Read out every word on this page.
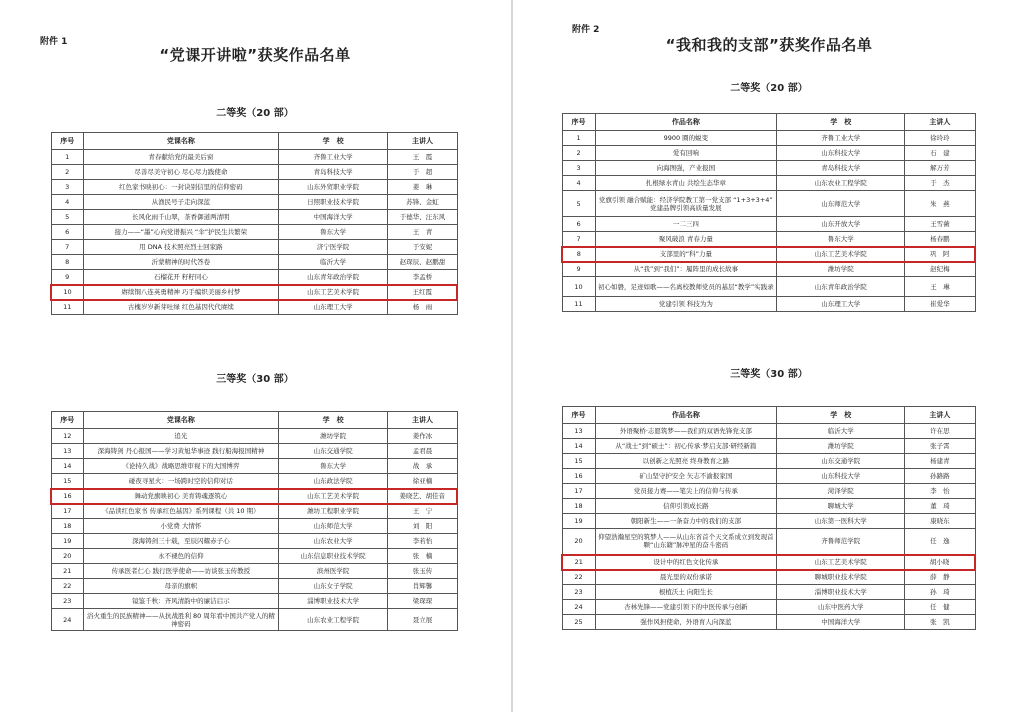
附件 1
“党课开讲啦”获奖作品名单
二等奖（20 部）
序号	党课名称	学　校	主讲人
1	青春献给党的最美后窗	齐鲁工业大学	王　霞
2	尽善尽美守初心 尽心尽力践使命	青岛科技大学	于　超
3	红色家书映初心：一封诀别信里的信仰密码	山东外贸职业学院	姜　琳
4	从渔民号子走向深蓝	日照职业技术学院	苏锋、金虹
5	长风化雨千山翠，茶香御道两清明	中国海洋大学	于德华、汪东风
6	接力——“墨”心向党谱振兴 “伞”护民生共繁荣	鲁东大学	王　青
7	用 DNA 技术照亮烈士回家路	济宁医学院	于安妮
8	沂蒙精神的时代答卷	临沂大学	赵琛辰、赵鹏甜
9	石榴花开 籽籽同心	山东青年政治学院	李孟桥
10	赓续铜八连英勇精神 巧手编织美丽乡村梦	山东工艺美术学院	王红霞
11	古槐岁岁新芽吐绿 红色基因代代赓续	山东理工大学	杨　雨
三等奖（30 部）
序号	党课名称	学　校	主讲人
12	追光	潍坊学院	姜作冰
13	深海铸剑 丹心报国——学习黄旭华事迹 践行船海报国精神	山东交通学院	孟君晨
14	《论持久战》战略思维审视下的大国博弈	鲁东大学	战　承
15	碰夜寻星火：一场跨时空的信仰对话	山东政法学院	徐亚楠
16	舞动党旗映初心 美育铸魂逐筑心	山东工艺美术学院	姜晓艺、胡佳音
17	《品读红色家书 传承红色基因》系列课程（共 10 期）	潍坊工程职业学院	王　宁
18	小党费 大情怀	山东师范大学	刘　阳
19	深海铸剑三十载，至辰闪耀赤子心	山东农业大学	李若怡
20	永不褪色的信仰	山东信息职业技术学院	张　楠
21	传承医者仁心 践行医学使命——访谈张玉传教授	滨州医学院	张玉传
22	母亲的旗帜	山东女子学院	肖辉馨
23	镜鉴千秋：齐风清韵中的廉洁启示	淄博职业技术大学	梁琛琛
24	浴火重生的民族精神——从抗战胜利 80 周年看中国共产党人的精神密码	山东农业工程学院	聂立展
附件 2
“我和我的支部”获奖作品名单
二等奖（20 部）
序号	作品名称	学　校	主讲人
1	9900 圈的蜕变	齐鲁工业大学	徐玲玲
2	爱有回响	山东科技大学	石　建
3	向海图强，产业报国	青岛科技大学	解万芳
4	扎根绿水青山 共绘生态华章	山东农业工程学院	于　杰
5	党旗引领 融合赋能：经济学院教工第一党支部 “1+3+3+4” 党建品牌引领高质量发展	山东师范大学	朱　燕
6	一二三四	山东开放大学	王雪薇
7	聚风破浪 青春力量	鲁东大学	杨春鹏
8	支部里的“科”力量	山东工艺美术学院	巩　阿
9	从“我”到“我们”：履阵里的成长故事	潍坊学院	赵纪梅
10	初心如磐，足迹如歌——名离校教师党员的基层“教学”实践录	山东青年政治学院	王　琳
11	党建引领 科技为为	山东理工大学	崔爱华
三等奖（30 部）
序号	作品名称	学　校	主讲人
13	外语聚桥·志愿筑梦——我们的双语先锋党支部	临沂大学	许在思
14	从“战士”到“硕士”：初心传承·梦启支部·研经新篇	潍坊学院	张子霄
15	以创新之光照亮 终身教育之路	山东交通学院	杨建青
16	矿山坚守护安全 矢志不渝报家国	山东科技大学	孙路路
17	党员接力赛——笔尖上的信仰与传承	菏泽学院	李　怡
18	信仰引领成长路	聊城大学	董　琦
19	朝阳新生——一条奋力中的我们的支部	山东第一医科大学	康晓东
20	仰望浩瀚星空的筑梦人——从山东省首个天文系成立到发现首颗“山东籍”脉冲星的奋斗密码	齐鲁师范学院	任　逸
21	设计中的红色文化传承	山东工艺美术学院	胡小晓
22	晨光里的双份承诺	聊城职业技术学院	薛　静
23	根植沃土 向阳生长	淄博职业技术大学	孙　琦
24	杏林先锋——党建引领下的中医传承与创新	山东中医药大学	任　健
25	强作风担使命，外语育人向深蓝	中国海洋大学	张　凯
